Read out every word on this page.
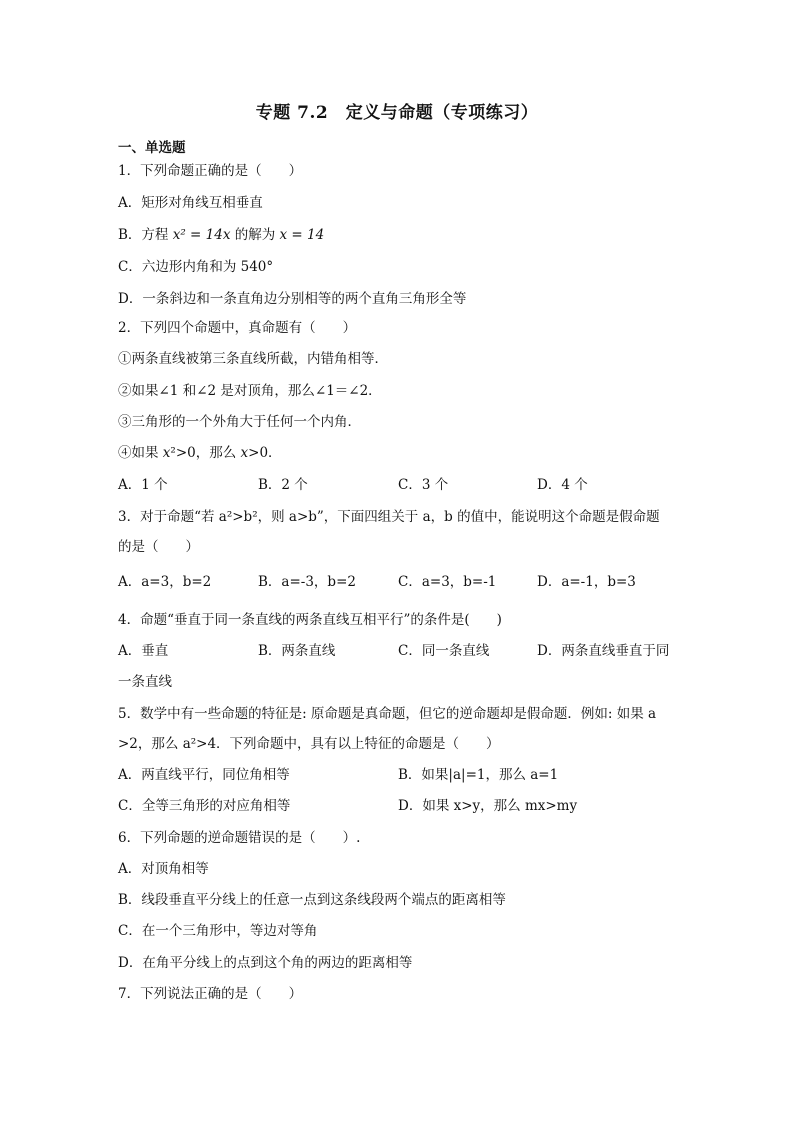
专题 7.2　定义与命题（专项练习）
一、单选题
1．下列命题正确的是（　　）
A．矩形对角线互相垂直
B．方程 x² = 14x 的解为 x = 14
C．六边形内角和为 540°
D．一条斜边和一条直角边分别相等的两个直角三角形全等
2．下列四个命题中，真命题有（　　）
①两条直线被第三条直线所截，内错角相等．
②如果∠1 和∠2 是对顶角，那么∠1＝∠2．
③三角形的一个外角大于任何一个内角．
④如果 x²>0，那么 x>0．
A．1 个	B．2 个	C．3 个	D．4 个
3．对于命题“若 a²>b²，则 a>b”，下面四组关于 a，b 的值中，能说明这个命题是假命题
的是（　　）
A．a=3，b=2	B．a=-3，b=2	C．a=3，b=-1	D．a=-1，b=3
4．命题“垂直于同一条直线的两条直线互相平行”的条件是(　　)
A．垂直	B．两条直线	C．同一条直线	D．两条直线垂直于同
一条直线
5．数学中有一些命题的特征是: 原命题是真命题，但它的逆命题却是假命题．例如: 如果 a
>2，那么 a²>4．下列命题中，具有以上特征的命题是（　　）
A．两直线平行，同位角相等	B．如果|a|=1，那么 a=1
C．全等三角形的对应角相等	D．如果 x>y，那么 mx>my
6．下列命题的逆命题错误的是（　　）.
A．对顶角相等
B．线段垂直平分线上的任意一点到这条线段两个端点的距离相等
C．在一个三角形中，等边对等角
D．在角平分线上的点到这个角的两边的距离相等
7．下列说法正确的是（　　）
